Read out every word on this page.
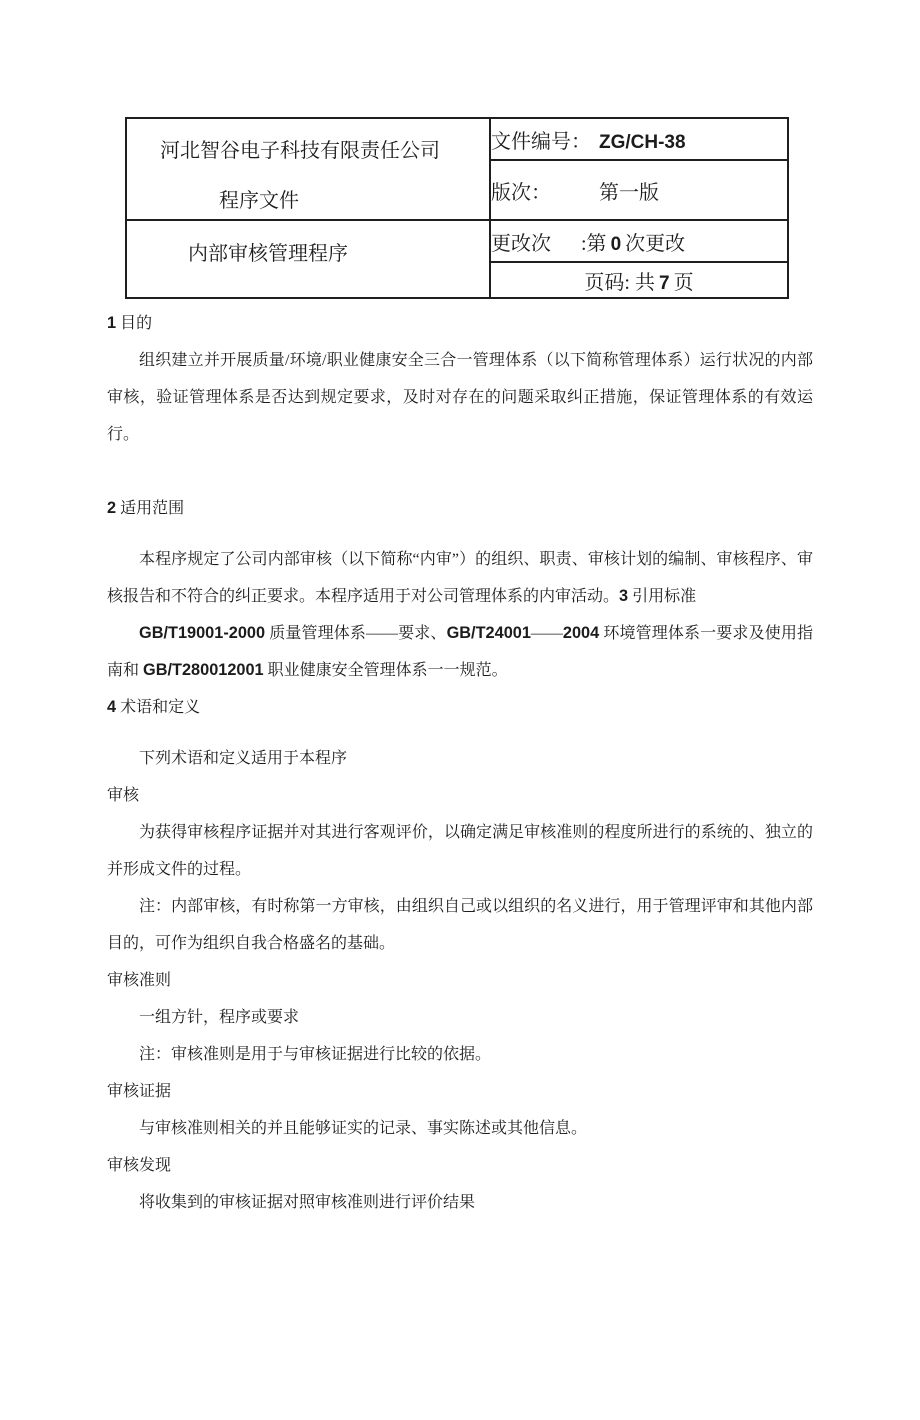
河北智谷电子科技有限责任公司
程序文件	文件编号： ZG/CH-38
	版次： 第一版

内部审核管理程序	更改次 :第 0 次更改
	页码: 共 7 页

1 目的

组织建立并开展质量/环境/职业健康安全三合一管理体系（以下简称管理体系）运行状况的内部审核，验证管理体系是否达到规定要求，及时对存在的问题采取纠正措施，保证管理体系的有效运行。

2 适用范围

本程序规定了公司内部审核（以下简称“内审”）的组织、职责、审核计划的编制、审核程序、审核报告和不符合的纠正要求。本程序适用于对公司管理体系的内审活动。3 引用标准

GB/T19001-2000 质量管理体系——要求、GB/T24001——2004 环境管理体系一要求及使用指南和 GB/T280012001 职业健康安全管理体系一一规范。

4 术语和定义

下列术语和定义适用于本程序

审核

为获得审核程序证据并对其进行客观评价，以确定满足审核准则的程度所进行的系统的、独立的并形成文件的过程。

注：内部审核，有时称第一方审核，由组织自己或以组织的名义进行，用于管理评审和其他内部目的，可作为组织自我合格盛名的基础。

审核准则

一组方针，程序或要求

注：审核准则是用于与审核证据进行比较的依据。

审核证据

与审核准则相关的并且能够证实的记录、事实陈述或其他信息。

审核发现

将收集到的审核证据对照审核准则进行评价结果
